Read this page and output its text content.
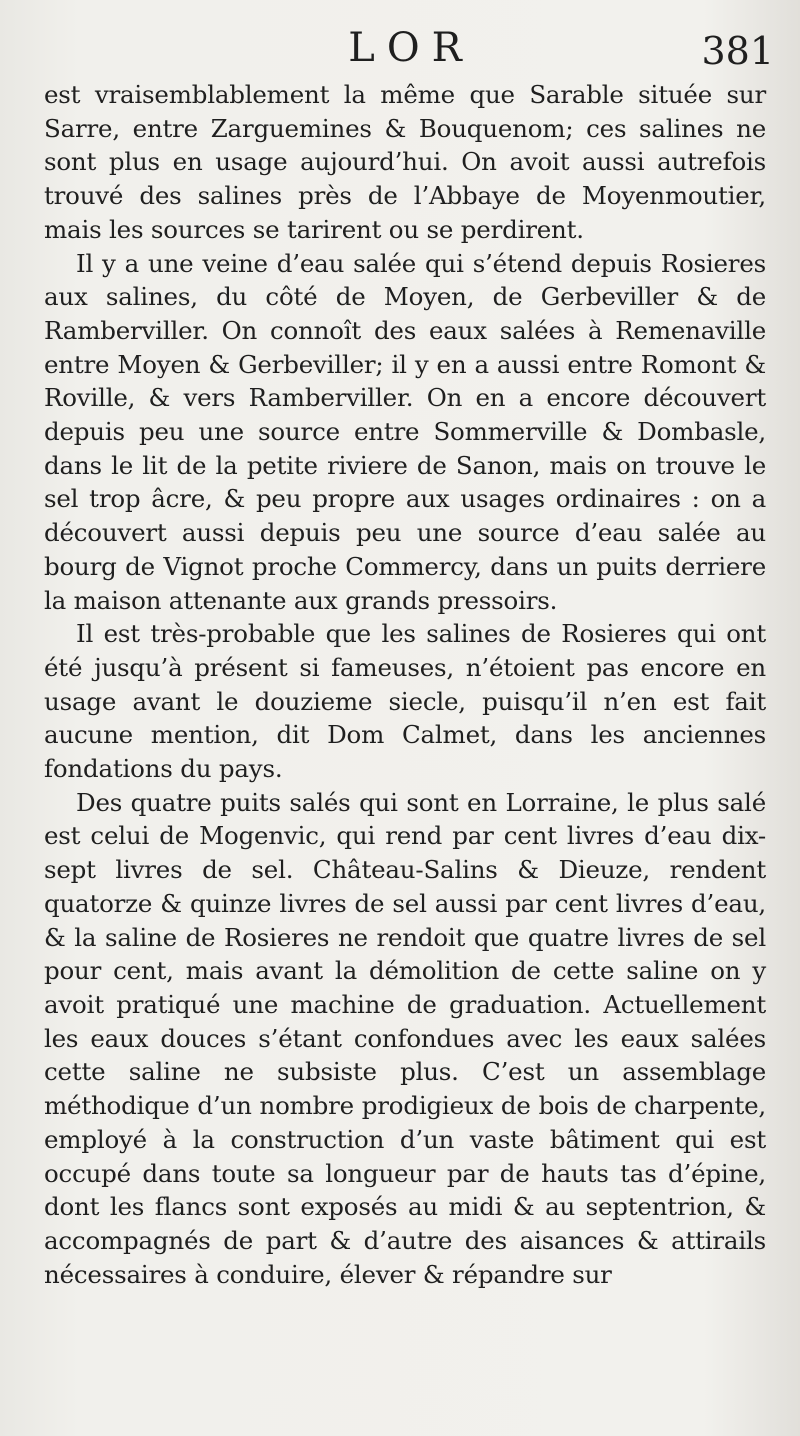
LOR	381

est vraisemblablement la même que Sarable située sur Sarre, entre Zarguemines & Bouquenom; ces salines ne sont plus en usage aujourd’hui. On avoit aussi autrefois trouvé des salines près de l’Abbaye de Moyenmoutier, mais les sources se tarirent ou se perdirent.

Il y a une veine d’eau salée qui s’étend depuis Rosieres aux salines, du côté de Moyen, de Gerbeviller & de Ramberviller. On connoît des eaux salées à Remenaville entre Moyen & Gerbeviller; il y en a aussi entre Romont & Roville, & vers Ramberviller. On en a encore découvert depuis peu une source entre Sommerville & Dombasle, dans le lit de la petite riviere de Sanon, mais on trouve le sel trop âcre, & peu propre aux usages ordinaires : on a découvert aussi depuis peu une source d’eau salée au bourg de Vignot proche Commercy, dans un puits derriere la maison attenante aux grands pressoirs.

Il est très-probable que les salines de Rosieres qui ont été jusqu’à présent si fameuses, n’étoient pas encore en usage avant le douzieme siecle, puisqu’il n’en est fait aucune mention, dit Dom Calmet, dans les anciennes fondations du pays.

Des quatre puits salés qui sont en Lorraine, le plus salé est celui de Mogenvic, qui rend par cent livres d’eau dix-sept livres de sel. Château-Salins & Dieuze, rendent quatorze & quinze livres de sel aussi par cent livres d’eau, & la saline de Rosieres ne rendoit que quatre livres de sel pour cent, mais avant la démolition de cette saline on y avoit pratiqué une machine de graduation. Actuellement les eaux douces s’étant confondues avec les eaux salées cette saline ne subsiste plus. C’est un assemblage méthodique d’un nombre prodigieux de bois de charpente, employé à la construction d’un vaste bâtiment qui est occupé dans toute sa longueur par de hauts tas d’épine, dont les flancs sont exposés au midi & au septentrion, & accompagnés de part & d’autre des aisances & attirails nécessaires à conduire, élever & répandre sur
